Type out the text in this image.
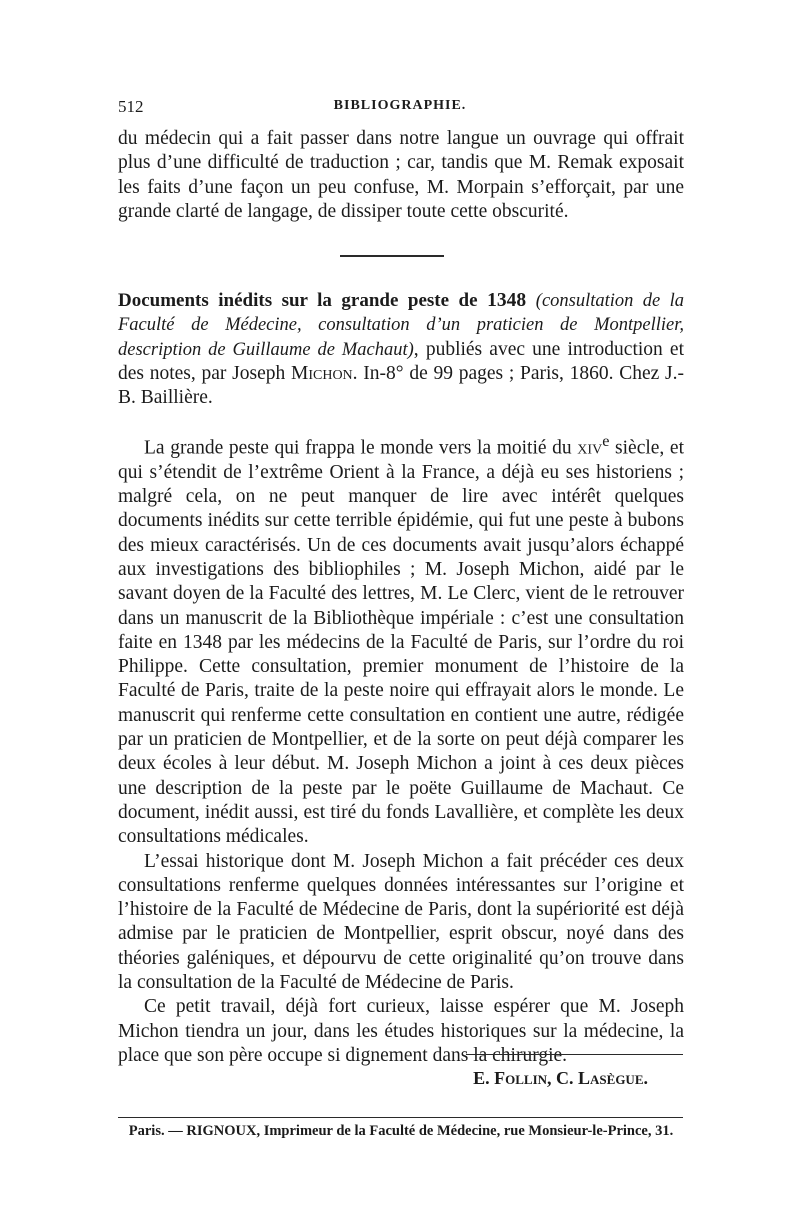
512	BIBLIOGRAPHIE.
du médecin qui a fait passer dans notre langue un ouvrage qui offrait plus d’une difficulté de traduction ; car, tandis que M. Remak exposait les faits d’une façon un peu confuse, M. Morpain s’efforçait, par une grande clarté de langage, de dissiper toute cette obscurité.
Documents inédits sur la grande peste de 1348 (consultation de la Faculté de Médecine, consultation d’un praticien de Montpellier, description de Guillaume de Machaut), publiés avec une introduction et des notes, par Joseph Michon. In-8° de 99 pages ; Paris, 1860. Chez J.-B. Baillière.

La grande peste qui frappa le monde vers la moitié du xiv$^e$ siècle, et qui s’étendit de l’extrême Orient à la France, a déjà eu ses historiens ; malgré cela, on ne peut manquer de lire avec intérêt quelques documents inédits sur cette terrible épidémie, qui fut une peste à bubons des mieux caractérisés. Un de ces documents avait jusqu’alors échappé aux investigations des bibliophiles ; M. Joseph Michon, aidé par le savant doyen de la Faculté des lettres, M. Le Clerc, vient de le retrouver dans un manuscrit de la Bibliothèque impériale : c’est une consultation faite en 1348 par les médecins de la Faculté de Paris, sur l’ordre du roi Philippe. Cette consultation, premier monument de l’histoire de la Faculté de Paris, traite de la peste noire qui effrayait alors le monde. Le manuscrit qui renferme cette consultation en contient une autre, rédigée par un praticien de Montpellier, et de la sorte on peut déjà comparer les deux écoles à leur début. M. Joseph Michon a joint à ces deux pièces une description de la peste par le poëte Guillaume de Machaut. Ce document, inédit aussi, est tiré du fonds Lavallière, et complète les deux consultations médicales.

L’essai historique dont M. Joseph Michon a fait précéder ces deux consultations renferme quelques données intéressantes sur l’origine et l’histoire de la Faculté de Médecine de Paris, dont la supériorité est déjà admise par le praticien de Montpellier, esprit obscur, noyé dans des théories galéniques, et dépourvu de cette originalité qu’on trouve dans la consultation de la Faculté de Médecine de Paris.

Ce petit travail, déjà fort curieux, laisse espérer que M. Joseph Michon tiendra un jour, dans les études historiques sur la médecine, la place que son père occupe si dignement dans la chirurgie.

E. Follin, C. Lasègue.
Paris. — RIGNOUX, Imprimeur de la Faculté de Médecine, rue Monsieur-le-Prince, 31.
